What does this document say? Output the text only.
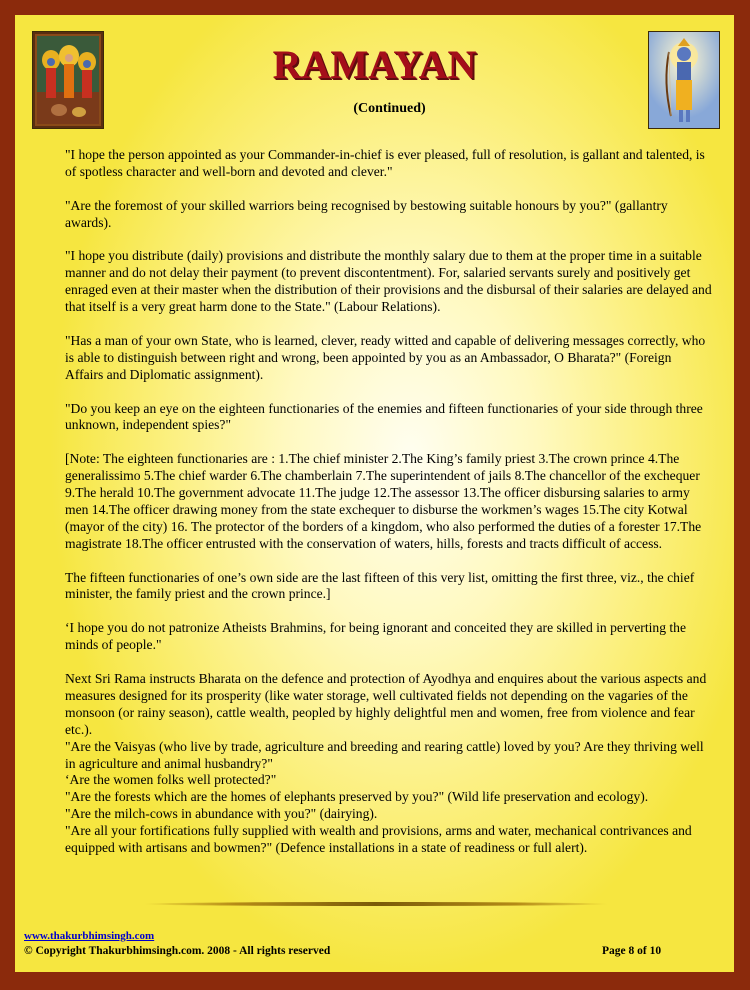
RAMAYAN
(Continued)

"I hope the person appointed as your Commander-in-chief is ever pleased, full of resolution, is gallant and talented, is of spotless character and well-born and devoted and clever."

"Are the foremost of your skilled warriors being recognised by bestowing suitable honours by you?" (gallantry awards).

"I hope you distribute (daily) provisions and distribute the monthly salary due to them at the proper time in a suitable manner and do not delay their payment (to prevent discontentment). For, salaried servants surely and positively get enraged even at their master when the distribution of their provisions and the disbursal of their salaries are delayed and that itself is a very great harm done to the State." (Labour Relations).

"Has a man of your own State, who is learned, clever, ready witted and capable of delivering messages correctly, who is able to distinguish between right and wrong, been appointed by you as an Ambassador, O Bharata?" (Foreign Affairs and Diplomatic assignment).

"Do you keep an eye on the eighteen functionaries of the enemies and fifteen functionaries of your side through three unknown, independent spies?"

[Note: The eighteen functionaries are : 1.The chief minister 2.The King’s family priest 3.The crown prince 4.The generalissimo 5.The chief warder 6.The chamberlain 7.The superintendent of jails 8.The chancellor of the exchequer 9.The herald 10.The government advocate 11.The judge 12.The assessor 13.The officer disbursing salaries to army men 14.The officer drawing money from the state exchequer to disburse the workmen’s wages 15.The city Kotwal (mayor of the city) 16. The protector of the borders of a kingdom, who also performed the duties of a forester 17.The magistrate 18.The officer entrusted with the conservation of waters, hills, forests and tracts difficult of access.

The fifteen functionaries of one’s own side are the last fifteen of this very list, omitting the first three, viz., the chief minister, the family priest and the crown prince.]

‘I hope you do not patronize Atheists Brahmins, for being ignorant and conceited they are skilled in perverting the minds of people."

Next Sri Rama instructs Bharata on the defence and protection of Ayodhya and enquires about the various aspects and measures designed for its prosperity (like water storage, well cultivated fields not depending on the vagaries of the monsoon (or rainy season), cattle wealth, peopled by highly delightful men and women, free from violence and fear etc.).

"Are the Vaisyas (who live by trade, agriculture and breeding and rearing cattle) loved by you? Are they thriving well in agriculture and animal husbandry?"

‘Are the women folks well protected?"

"Are the forests which are the homes of elephants preserved by you?" (Wild life preservation and ecology).

"Are the milch-cows in abundance with you?" (dairying).

"Are all your fortifications fully supplied with wealth and provisions, arms and water, mechanical contrivances and equipped with artisans and bowmen?" (Defence installations in a state of readiness or full alert).

www.thakurbhimsingh.com
© Copyright Thakurbhimsingh.com. 2008 - All rights reserved	Page 8 of 10
